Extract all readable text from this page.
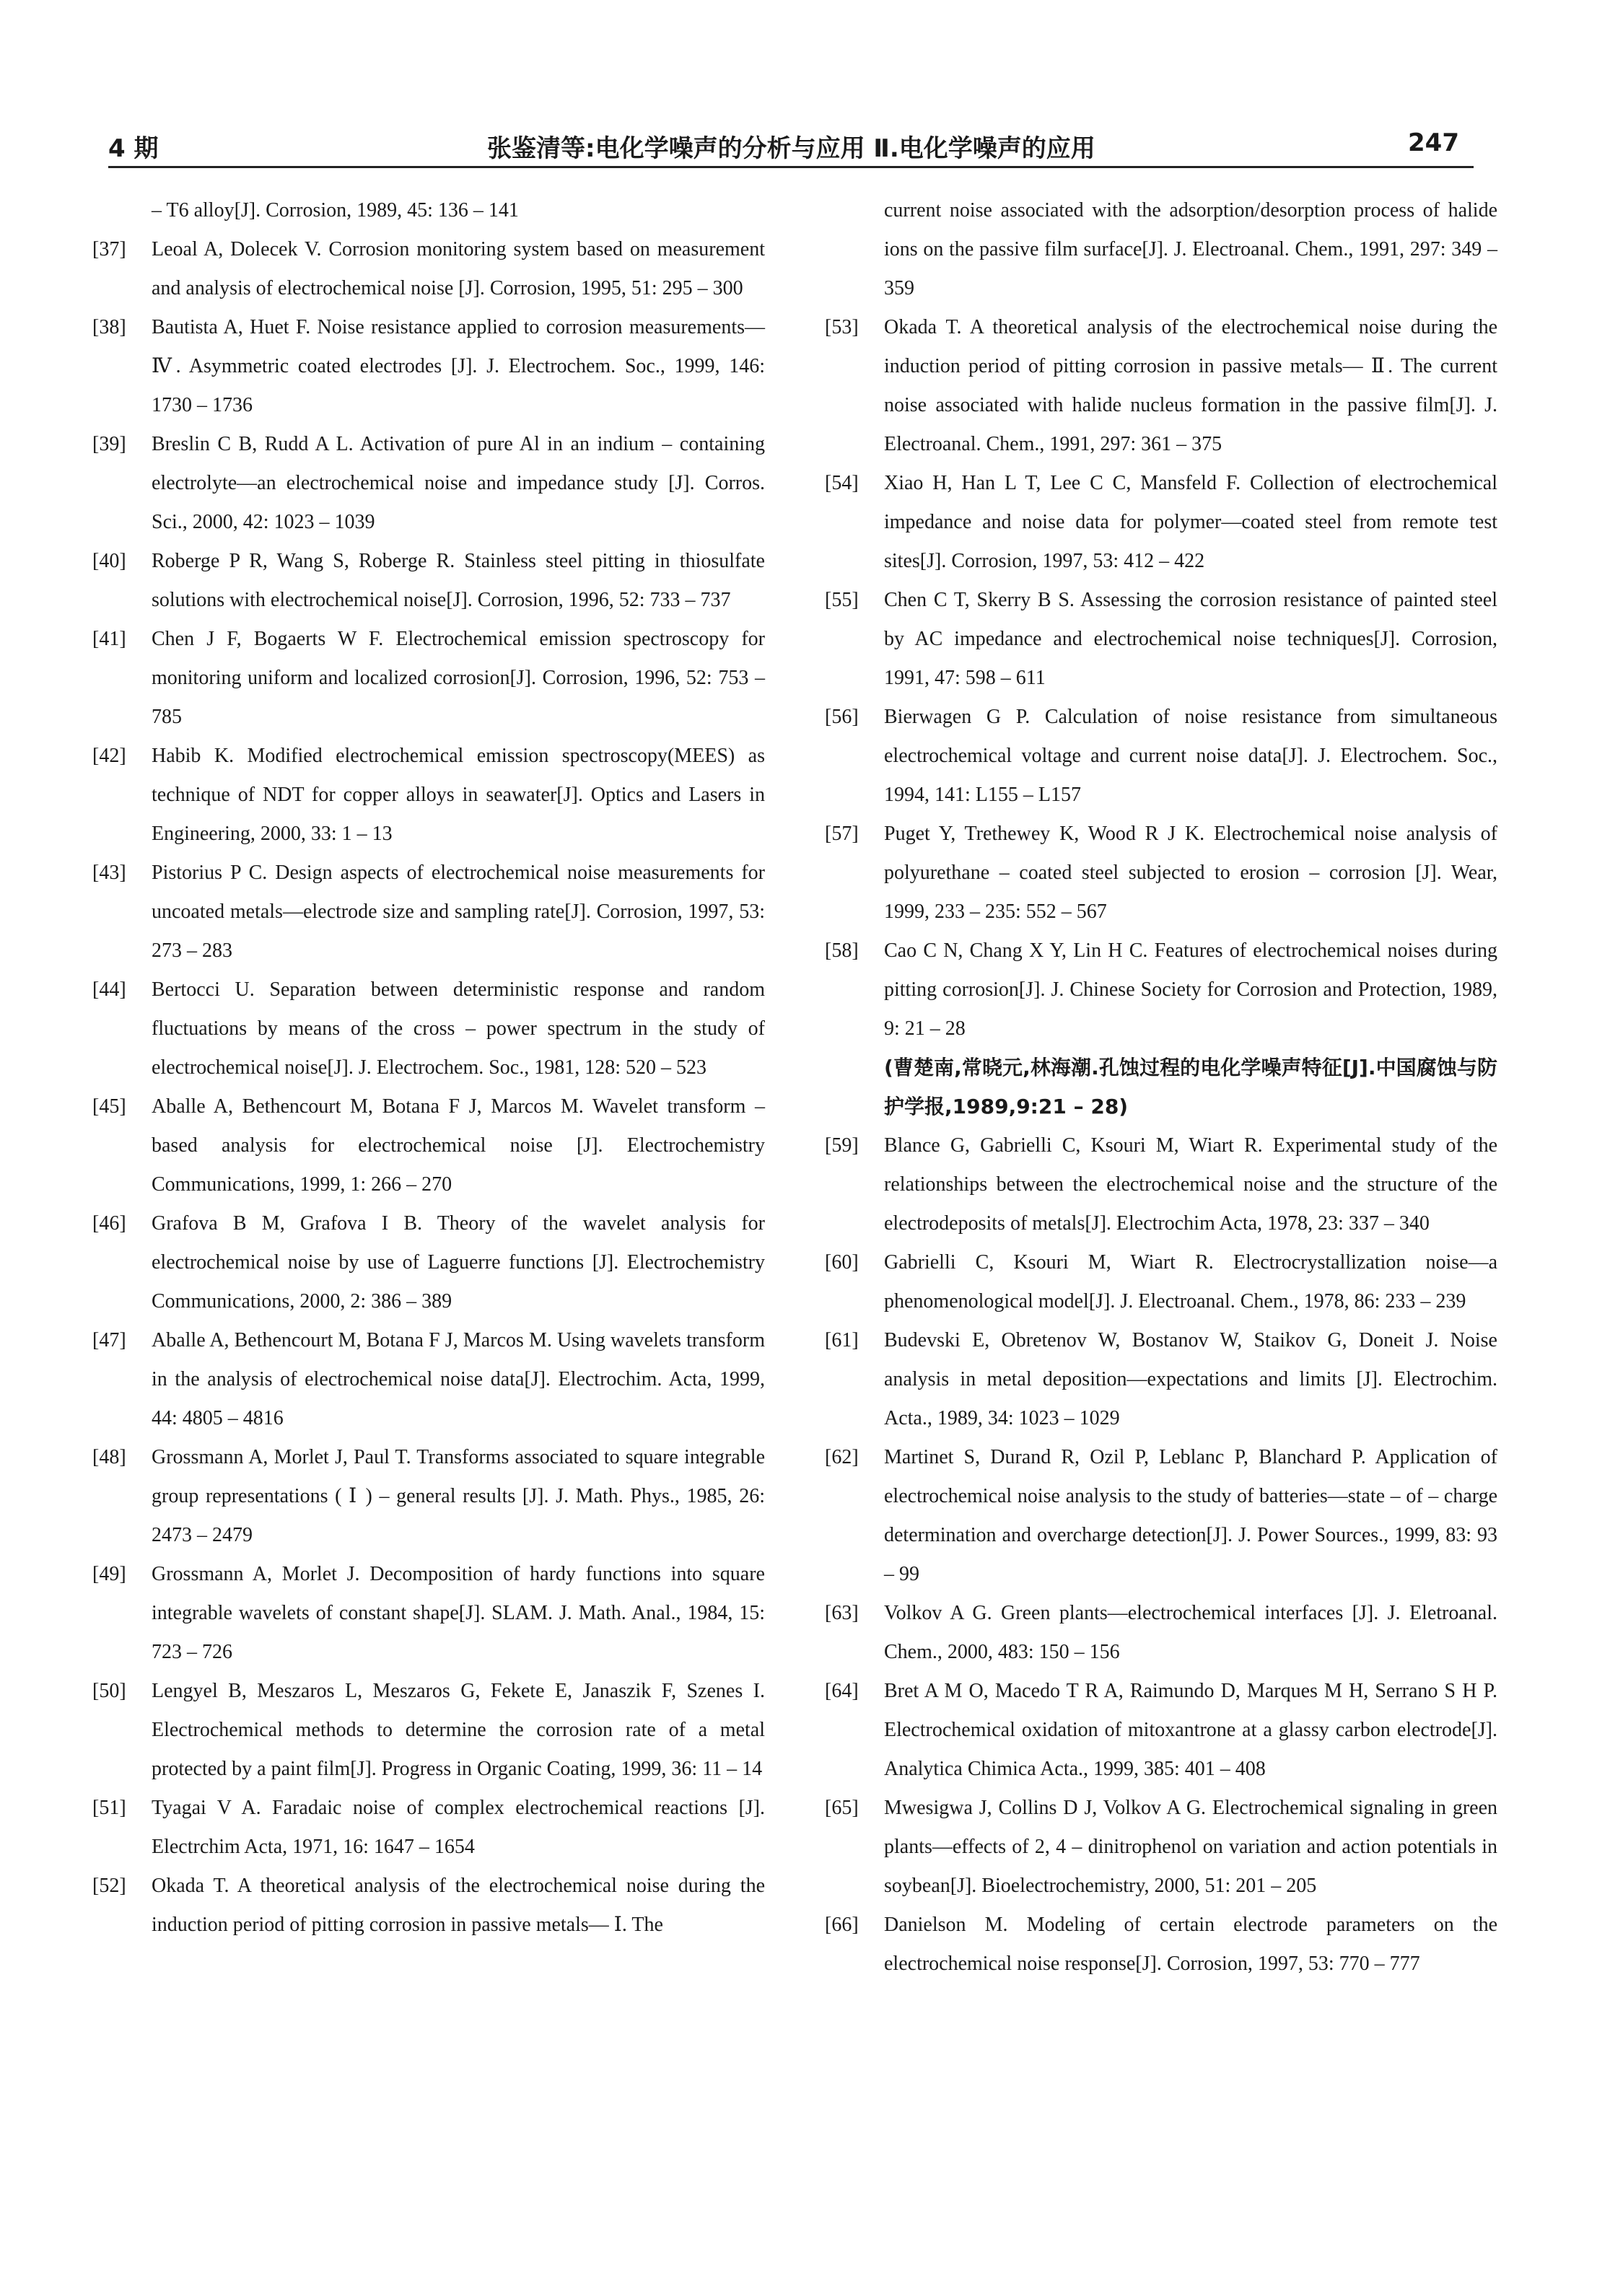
4 期	张鉴清等:电化学噪声的分析与应用 Ⅱ.电化学噪声的应用	247

– T6 alloy[J]. Corrosion, 1989, 45: 136 – 141

[37]	Leoal A, Dolecek V. Corrosion monitoring system based on measurement and analysis of electrochemical noise [J]. Corrosion, 1995, 51: 295 – 300

[38]	Bautista A, Huet F. Noise resistance applied to corrosion measurements—Ⅳ. Asymmetric coated electrodes [J]. J. Electrochem. Soc., 1999, 146: 1730 – 1736

[39]	Breslin C B, Rudd A L. Activation of pure Al in an indium – containing electrolyte—an electrochemical noise and impedance study [J]. Corros. Sci., 2000, 42: 1023 – 1039

[40]	Roberge P R, Wang S, Roberge R. Stainless steel pitting in thiosulfate solutions with electrochemical noise[J]. Corrosion, 1996, 52: 733 – 737

[41]	Chen J F, Bogaerts W F. Electrochemical emission spectroscopy for monitoring uniform and localized corrosion[J]. Corrosion, 1996, 52: 753 – 785

[42]	Habib K. Modified electrochemical emission spectroscopy(MEES) as technique of NDT for copper alloys in seawater[J]. Optics and Lasers in Engineering, 2000, 33: 1 – 13

[43]	Pistorius P C. Design aspects of electrochemical noise measurements for uncoated metals—electrode size and sampling rate[J]. Corrosion, 1997, 53: 273 – 283

[44]	Bertocci U. Separation between deterministic response and random fluctuations by means of the cross – power spectrum in the study of electrochemical noise[J]. J. Electrochem. Soc., 1981, 128: 520 – 523

[45]	Aballe A, Bethencourt M, Botana F J, Marcos M. Wavelet transform – based analysis for electrochemical noise [J]. Electrochemistry Communications, 1999, 1: 266 – 270

[46]	Grafova B M, Grafova I B. Theory of the wavelet analysis for electrochemical noise by use of Laguerre functions [J]. Electrochemistry Communications, 2000, 2: 386 – 389

[47]	Aballe A, Bethencourt M, Botana F J, Marcos M. Using wavelets transform in the analysis of electrochemical noise data[J]. Electrochim. Acta, 1999, 44: 4805 – 4816

[48]	Grossmann A, Morlet J, Paul T. Transforms associated to square integrable group representations ( Ⅰ ) – general results [J]. J. Math. Phys., 1985, 26: 2473 – 2479

[49]	Grossmann A, Morlet J. Decomposition of hardy functions into square integrable wavelets of constant shape[J]. SLAM. J. Math. Anal., 1984, 15: 723 – 726

[50]	Lengyel B, Meszaros L, Meszaros G, Fekete E, Janaszik F, Szenes I. Electrochemical methods to determine the corrosion rate of a metal protected by a paint film[J]. Progress in Organic Coating, 1999, 36: 11 – 14

[51]	Tyagai V A. Faradaic noise of complex electrochemical reactions [J]. Electrchim Acta, 1971, 16: 1647 – 1654

[52]	Okada T. A theoretical analysis of the electrochemical noise during the induction period of pitting corrosion in passive metals— Ⅰ. The

current noise associated with the adsorption/desorption process of halide ions on the passive film surface[J]. J. Electroanal. Chem., 1991, 297: 349 – 359

[53]	Okada T. A theoretical analysis of the electrochemical noise during the induction period of pitting corrosion in passive metals— Ⅱ. The current noise associated with halide nucleus formation in the passive film[J]. J. Electroanal. Chem., 1991, 297: 361 – 375

[54]	Xiao H, Han L T, Lee C C, Mansfeld F. Collection of electrochemical impedance and noise data for polymer—coated steel from remote test sites[J]. Corrosion, 1997, 53: 412 – 422

[55]	Chen C T, Skerry B S. Assessing the corrosion resistance of painted steel by AC impedance and electrochemical noise techniques[J]. Corrosion, 1991, 47: 598 – 611

[56]	Bierwagen G P. Calculation of noise resistance from simultaneous electrochemical voltage and current noise data[J]. J. Electrochem. Soc., 1994, 141: L155 – L157

[57]	Puget Y, Trethewey K, Wood R J K. Electrochemical noise analysis of polyurethane – coated steel subjected to erosion – corrosion [J]. Wear, 1999, 233 – 235: 552 – 567

[58]	Cao C N, Chang X Y, Lin H C. Features of electrochemical noises during pitting corrosion[J]. J. Chinese Society for Corrosion and Protection, 1989, 9: 21 – 28
(曹楚南,常晓元,林海潮.孔蚀过程的电化学噪声特征[J].中国腐蚀与防护学报,1989,9:21 – 28)

[59]	Blance G, Gabrielli C, Ksouri M, Wiart R. Experimental study of the relationships between the electrochemical noise and the structure of the electrodeposits of metals[J]. Electrochim Acta, 1978, 23: 337 – 340

[60]	Gabrielli C, Ksouri M, Wiart R. Electrocrystallization noise—a phenomenological model[J]. J. Electroanal. Chem., 1978, 86: 233 – 239

[61]	Budevski E, Obretenov W, Bostanov W, Staikov G, Doneit J. Noise analysis in metal deposition—expectations and limits [J]. Electrochim. Acta., 1989, 34: 1023 – 1029

[62]	Martinet S, Durand R, Ozil P, Leblanc P, Blanchard P. Application of electrochemical noise analysis to the study of batteries—state – of – charge determination and overcharge detection[J]. J. Power Sources., 1999, 83: 93 – 99

[63]	Volkov A G. Green plants—electrochemical interfaces [J]. J. Eletroanal. Chem., 2000, 483: 150 – 156

[64]	Bret A M O, Macedo T R A, Raimundo D, Marques M H, Serrano S H P. Electrochemical oxidation of mitoxantrone at a glassy carbon electrode[J]. Analytica Chimica Acta., 1999, 385: 401 – 408

[65]	Mwesigwa J, Collins D J, Volkov A G. Electrochemical signaling in green plants—effects of 2, 4 – dinitrophenol on variation and action potentials in soybean[J]. Bioelectrochemistry, 2000, 51: 201 – 205

[66]	Danielson M. Modeling of certain electrode parameters on the electrochemical noise response[J]. Corrosion, 1997, 53: 770 – 777
